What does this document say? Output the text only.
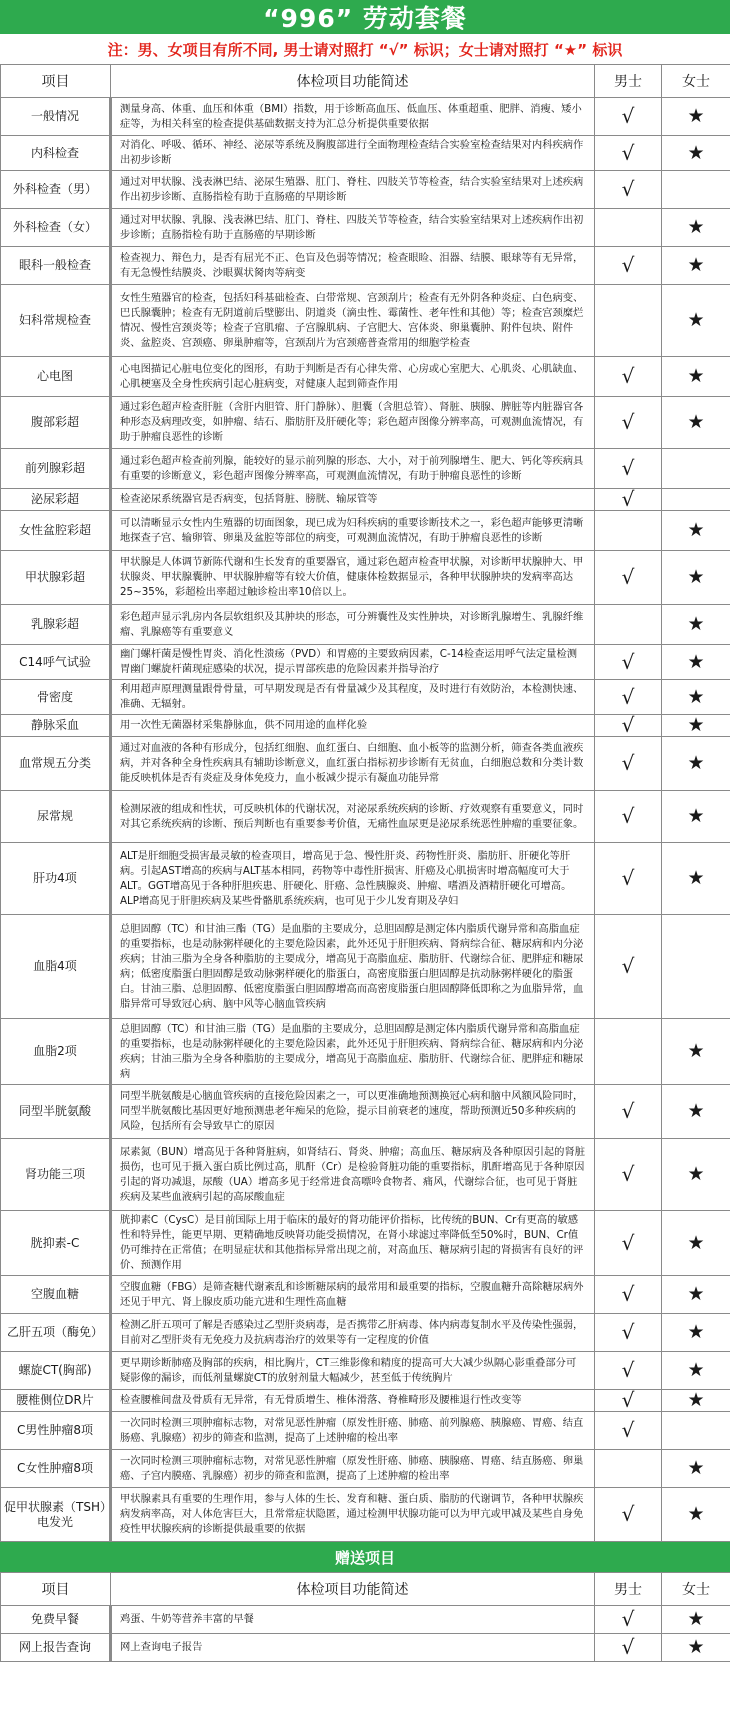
“996” 劳动套餐
注：男、女项目有所不同, 男士请对照打 “√” 标识；女士请对照打 “★” 标识
项目	体检项目功能简述	男士	女士
一般情况	测量身高、体重、血压和体重（BMI）指数，用于诊断高血压、低血压、体重超重、肥胖、消瘦、矮小症等，为相关科室的检查提供基础数据支持为汇总分析提供重要依据	√	★
内科检查	对消化、呼吸、循环、神经、泌尿等系统及胸腹部进行全面物理检查结合实验室检查结果对内科疾病作出初步诊断	√	★
外科检查（男）	通过对甲状腺、浅表淋巴结、泌尿生殖器、肛门、脊柱、四肢关节等检查，结合实验室结果对上述疾病作出初步诊断、直肠指检有助于直肠癌的早期诊断	√	
外科检查（女）	通过对甲状腺、乳腺、浅表淋巴结、肛门、脊柱、四肢关节等检查，结合实验室结果对上述疾病作出初步诊断；直肠指检有助于直肠癌的早期诊断		★
眼科一般检查	检查视力、辩色力，是否有屈光不正、色盲及色弱等情况；检查眼睑、泪器、结膜、眼球等有无异常，有无急慢性结膜炎、沙眼翼状胬肉等病变	√	★
妇科常规检查	女性生殖器官的检查，包括妇科基础检查、白带常规、宫颈刮片；检查有无外阴各种炎症、白色病变、巴氏腺囊肿；检查有无阴道前后壁膨出、阴道炎（滴虫性、霉菌性、老年性和其他）等；检查宫颈糜烂情况、慢性宫颈炎等；检查子宫肌瘤、子宫腺肌病、子宫肥大、宫体炎、卵巢囊肿、附件包块、附件炎、盆腔炎、宫颈癌、卵巢肿瘤等，宫颈刮片为宫颈癌普查常用的细胞学检查		★
心电图	心电图描记心脏电位变化的图形，有助于判断是否有心律失常、心房或心室肥大、心肌炎、心肌缺血、心肌梗塞及全身性疾病引起心脏病变，对健康人起到筛查作用	√	★
腹部彩超	通过彩色超声检查肝脏（含肝内胆管、肝门静脉）、胆囊（含胆总管）、肾脏、胰腺、脾脏等内脏器官各种形态及病理改变，如肿瘤、结石、脂肪肝及肝硬化等；彩色超声图像分辨率高，可观测血流情况，有助于肿瘤良恶性的诊断	√	★
前列腺彩超	通过彩色超声检查前列腺，能较好的显示前列腺的形态、大小，对于前列腺增生、肥大、钙化等疾病具有重要的诊断意义，彩色超声图像分辨率高，可观测血流情况，有助于肿瘤良恶性的诊断	√	
泌尿彩超	检查泌尿系统器官是否病变，包括肾脏、膀胱、输尿管等	√	
女性盆腔彩超	可以清晰显示女性内生殖器的切面图象，现已成为妇科疾病的重要诊断技术之一，彩色超声能够更清晰地探查子宫、输卵管、卵巢及盆腔等部位的病变，可观测血流情况，有助于肿瘤良恶性的诊断		★
甲状腺彩超	甲状腺是人体调节新陈代谢和生长发育的重要器官，通过彩色超声检查甲状腺，对诊断甲状腺肿大、甲状腺炎、甲状腺囊肿、甲状腺肿瘤等有较大价值，健康体检数据显示，各种甲状腺肿块的发病率高达25~35%，彩超检出率超过触诊检出率10倍以上。	√	★
乳腺彩超	彩色超声显示乳房内各层软组织及其肿块的形态，可分辨囊性及实性肿块，对诊断乳腺增生、乳腺纤维瘤、乳腺癌等有重要意义		★
C14呼气试验	幽门螺杆菌是慢性胃炎、消化性溃疡（PVD）和胃癌的主要致病因素，C-14检查运用呼气法定量检测胃幽门螺旋杆菌现症感染的状况，提示胃部疾患的危险因素并指导治疗	√	★
骨密度	利用超声原理测量跟骨骨量，可早期发现是否有骨量减少及其程度，及时进行有效防治，本检测快速、准确、无辐射。	√	★
静脉采血	用一次性无菌器材采集静脉血，供不同用途的血样化验	√	★
血常规五分类	通过对血液的各种有形成分，包括红细胞、血红蛋白、白细胞、血小板等的监测分析，筛查各类血液疾病，并对各种全身性疾病具有辅助诊断意义，血红蛋白指标初步诊断有无贫血，白细胞总数和分类计数能反映机体是否有炎症及身体免疫力，血小板减少提示有凝血功能异常	√	★
尿常规	检测尿液的组成和性状，可反映机体的代谢状况，对泌尿系统疾病的诊断、疗效观察有重要意义，同时对其它系统疾病的诊断、预后判断也有重要参考价值，无痛性血尿更是泌尿系统恶性肿瘤的重要征象。	√	★
肝功4项	ALT是肝细胞受损害最灵敏的检查项目，增高见于急、慢性肝炎、药物性肝炎、脂肪肝、肝硬化等肝病。引起AST增高的疾病与ALT基本相同，药物等中毒性肝损害、肝癌及心肌损害时增高幅度可大于ALT。GGT增高见于各种肝胆疾患、肝硬化、肝癌、急性胰腺炎、肿瘤、嗜酒及酒精肝硬化可增高。ALP增高见于肝胆疾病及某些骨骼肌系统疾病，也可见于少儿发育期及孕妇	√	★
血脂4项	总胆固醇（TC）和甘油三酯（TG）是血脂的主要成分，总胆固醇是测定体内脂质代谢异常和高脂血症的重要指标，也是动脉粥样硬化的主要危险因素，此外还见于肝胆疾病、肾病综合征、糖尿病和内分泌疾病；甘油三脂为全身各种脂肪的主要成分，增高见于高脂血症、脂肪肝、代谢综合征、肥胖症和糖尿病；低密度脂蛋白胆固醇是致动脉粥样硬化的脂蛋白，高密度脂蛋白胆固醇是抗动脉粥样硬化的脂蛋白。甘油三脂、总胆固醇、低密度脂蛋白胆固醇增高而高密度脂蛋白胆固醇降低即称之为血脂异常，血脂异常可导致冠心病、脑中风等心脑血管疾病	√	
血脂2项	总胆固醇（TC）和甘油三脂（TG）是血脂的主要成分，总胆固醇是测定体内脂质代谢异常和高脂血症的重要指标，也是动脉粥样硬化的主要危险因素，此外还见于肝胆疾病、肾病综合征、糖尿病和内分泌疾病；甘油三脂为全身各种脂肪的主要成分，增高见于高脂血症、脂肪肝、代谢综合征、肥胖症和糖尿病		★
同型半胱氨酸	同型半胱氨酸是心脑血管疾病的直接危险因素之一，可以更准确地预测换冠心病和脑中风额风险同时，同型半胱氨酸比基因更好地预测患老年痴呆的危险，提示目前衰老的速度，帮助预测近50多种疾病的风险，包括所有会导致早亡的原因	√	★
肾功能三项	尿素氮（BUN）增高见于各种肾脏病，如肾结石、肾炎、肿瘤；高血压、糖尿病及各种原因引起的肾脏损伤，也可见于摄入蛋白质比例过高，肌酐（Cr）是检验肾脏功能的重要指标，肌酐增高见于各种原因引起的肾功减退，尿酸（UA）增高多见于经常进食高嘌呤食物者、痛风，代谢综合征，也可见于肾脏疾病及某些血液病引起的高尿酸血症	√	★
胱抑素-C	胱抑素C（CysC）是目前国际上用于临床的最好的肾功能评价指标，比传统的BUN、Cr有更高的敏感性和特异性，能更早期、更精确地反映肾功能受损情况，在肾小球滤过率降低至50%时，BUN、Cr值仍可维持在正常值；在明显症状和其他指标异常出现之前，对高血压、糖尿病引起的肾损害有良好的评价、预测作用	√	★
空腹血糖	空腹血糖（FBG）是筛查糖代谢紊乱和诊断糖尿病的最常用和最重要的指标，空腹血糖升高除糖尿病外还见于甲亢、肾上腺皮质功能亢进和生理性高血糖	√	★
乙肝五项（酶免）	检测乙肝五项可了解是否感染过乙型肝炎病毒，是否携带乙肝病毒、体内病毒复制水平及传染性强弱，目前对乙型肝炎有无免疫力及抗病毒治疗的效果等有一定程度的价值	√	★
螺旋CT(胸部)	更早期诊断肺癌及胸部的疾病，相比胸片，CT三维影像和精度的提高可大大减少纵隔心影重叠部分可疑影像的漏诊，而低剂量螺旋CT的放射剂量大幅减少，甚至低于传统胸片	√	★
腰椎侧位DR片	检查腰椎间盘及骨质有无异常，有无骨质增生、椎体滑落、脊椎畸形及腰椎退行性改变等	√	★
C男性肿瘤8项	一次同时检测三项肿瘤标志物，对常见恶性肿瘤（原发性肝癌、肺癌、前列腺癌、胰腺癌、胃癌、结直肠癌、乳腺癌）初步的筛查和监测，提高了上述肿瘤的检出率	√	
C女性肿瘤8项	一次同时检测三项肿瘤标志物，对常见恶性肿瘤（原发性肝癌、肺癌、胰腺癌、胃癌、结直肠癌、卵巢癌、子宫内膜癌、乳腺癌）初步的筛查和监测，提高了上述肿瘤的检出率		★
促甲状腺素（TSH）电发光	甲状腺素具有重要的生理作用，参与人体的生长、发育和糖、蛋白质、脂肪的代谢调节，各种甲状腺疾病发病率高，对人体危害巨大，且常常症状隐匿，通过检测甲状腺功能可以为甲亢或甲减及某些自身免疫性甲状腺疾病的诊断提供最重要的依据	√	★
赠送项目
项目	体检项目功能简述	男士	女士
免费早餐	鸡蛋、牛奶等营养丰富的早餐	√	★
网上报告查询	网上查询电子报告	√	★
